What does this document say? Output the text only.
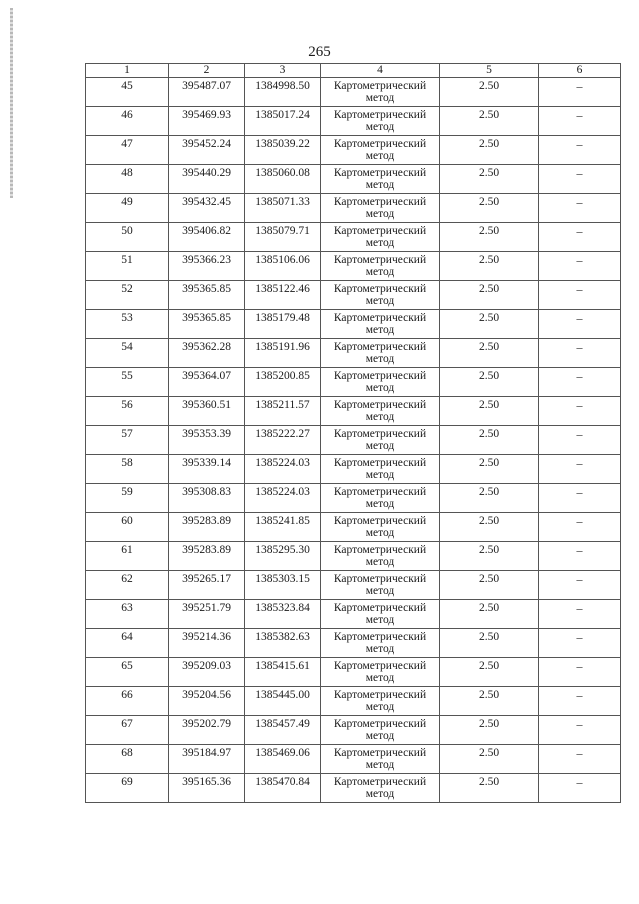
265
1	2	3	4	5	6
45	395487.07	1384998.50	Картометрический
метод	2.50	–
46	395469.93	1385017.24	Картометрический
метод	2.50	–
47	395452.24	1385039.22	Картометрический
метод	2.50	–
48	395440.29	1385060.08	Картометрический
метод	2.50	–
49	395432.45	1385071.33	Картометрический
метод	2.50	–
50	395406.82	1385079.71	Картометрический
метод	2.50	–
51	395366.23	1385106.06	Картометрический
метод	2.50	–
52	395365.85	1385122.46	Картометрический
метод	2.50	–
53	395365.85	1385179.48	Картометрический
метод	2.50	–
54	395362.28	1385191.96	Картометрический
метод	2.50	–
55	395364.07	1385200.85	Картометрический
метод	2.50	–
56	395360.51	1385211.57	Картометрический
метод	2.50	–
57	395353.39	1385222.27	Картометрический
метод	2.50	–
58	395339.14	1385224.03	Картометрический
метод	2.50	–
59	395308.83	1385224.03	Картометрический
метод	2.50	–
60	395283.89	1385241.85	Картометрический
метод	2.50	–
61	395283.89	1385295.30	Картометрический
метод	2.50	–
62	395265.17	1385303.15	Картометрический
метод	2.50	–
63	395251.79	1385323.84	Картометрический
метод	2.50	–
64	395214.36	1385382.63	Картометрический
метод	2.50	–
65	395209.03	1385415.61	Картометрический
метод	2.50	–
66	395204.56	1385445.00	Картометрический
метод	2.50	–
67	395202.79	1385457.49	Картометрический
метод	2.50	–
68	395184.97	1385469.06	Картометрический
метод	2.50	–
69	395165.36	1385470.84	Картометрический
метод	2.50	–
